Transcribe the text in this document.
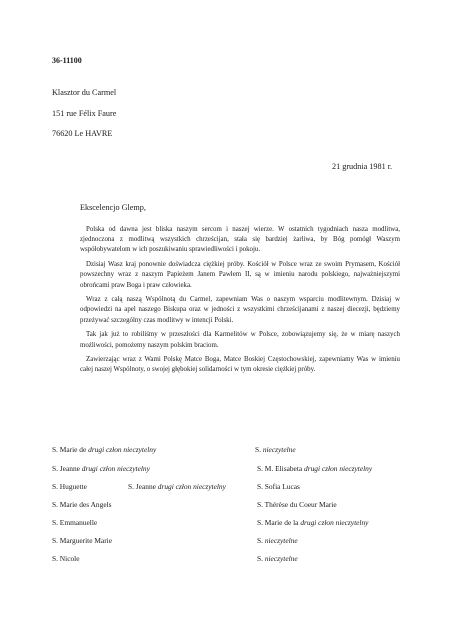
36-11100
Klasztor du Carmel
151 rue Félix Faure
76620 Le HAVRE
21 grudnia 1981 r.
Ekscelencjo Glemp,

Polska od dawna jest bliska naszym sercom i naszej wierze. W ostatnich tygodniach nasza modlitwa, zjednoczona z modlitwą wszystkich chrześcijan, stała się bardziej żarliwa, by Bóg pomógł Waszym współobywatelom w ich poszukiwaniu sprawiedliwości i pokoju.

Dzisiaj Wasz kraj ponownie doświadcza ciężkiej próby. Kościół w Polsce wraz ze swoim Prymasem, Kościół powszechny wraz z naszym Papieżem Janem Pawłem II, są w imieniu narodu polskiego, najważniejszymi obrońcami praw Boga i praw człowieka.

Wraz z całą naszą Wspólnotą du Carmel, zapewniam Was o naszym wsparciu modlitewnym. Dzisiaj w odpowiedzi na apel naszego Biskupa oraz w jedności z wszystkimi chrześcijanami z naszej diecezji, będziemy przeżywać szczególny czas modlitwy w intencji Polski.

Tak jak już to robiliśmy w przeszłości dla Karmelitów w Polsce, zobowiązujemy się, że w miarę naszych możliwości, pomożemy naszym polskim braciom.

Zawierzając wraz z Wami Polskę Matce Boga, Matce Boskiej Częstochowskiej, zapewniamy Was w imieniu całej naszej Wspólnoty, o swojej głębokiej solidarności w tym okresie ciężkiej próby.

S. Marie de drugi człon nieczytelny
S. Jeanne drugi człon nieczytelny
S. Huguette	S. Jeanne drugi człon nieczytelny
S. Marie des Angels
S. Emmanuelle
S. Marguerite Marie
S. Nicole
S. nieczytelne
S. M. Elisabeta drugi człon nieczytelny
S. Sofia Lucas
S. Thérèse du Coeur Marie
S. Marie de la drugi człon nieczytelny
S. nieczytelne
S. nieczytelne
